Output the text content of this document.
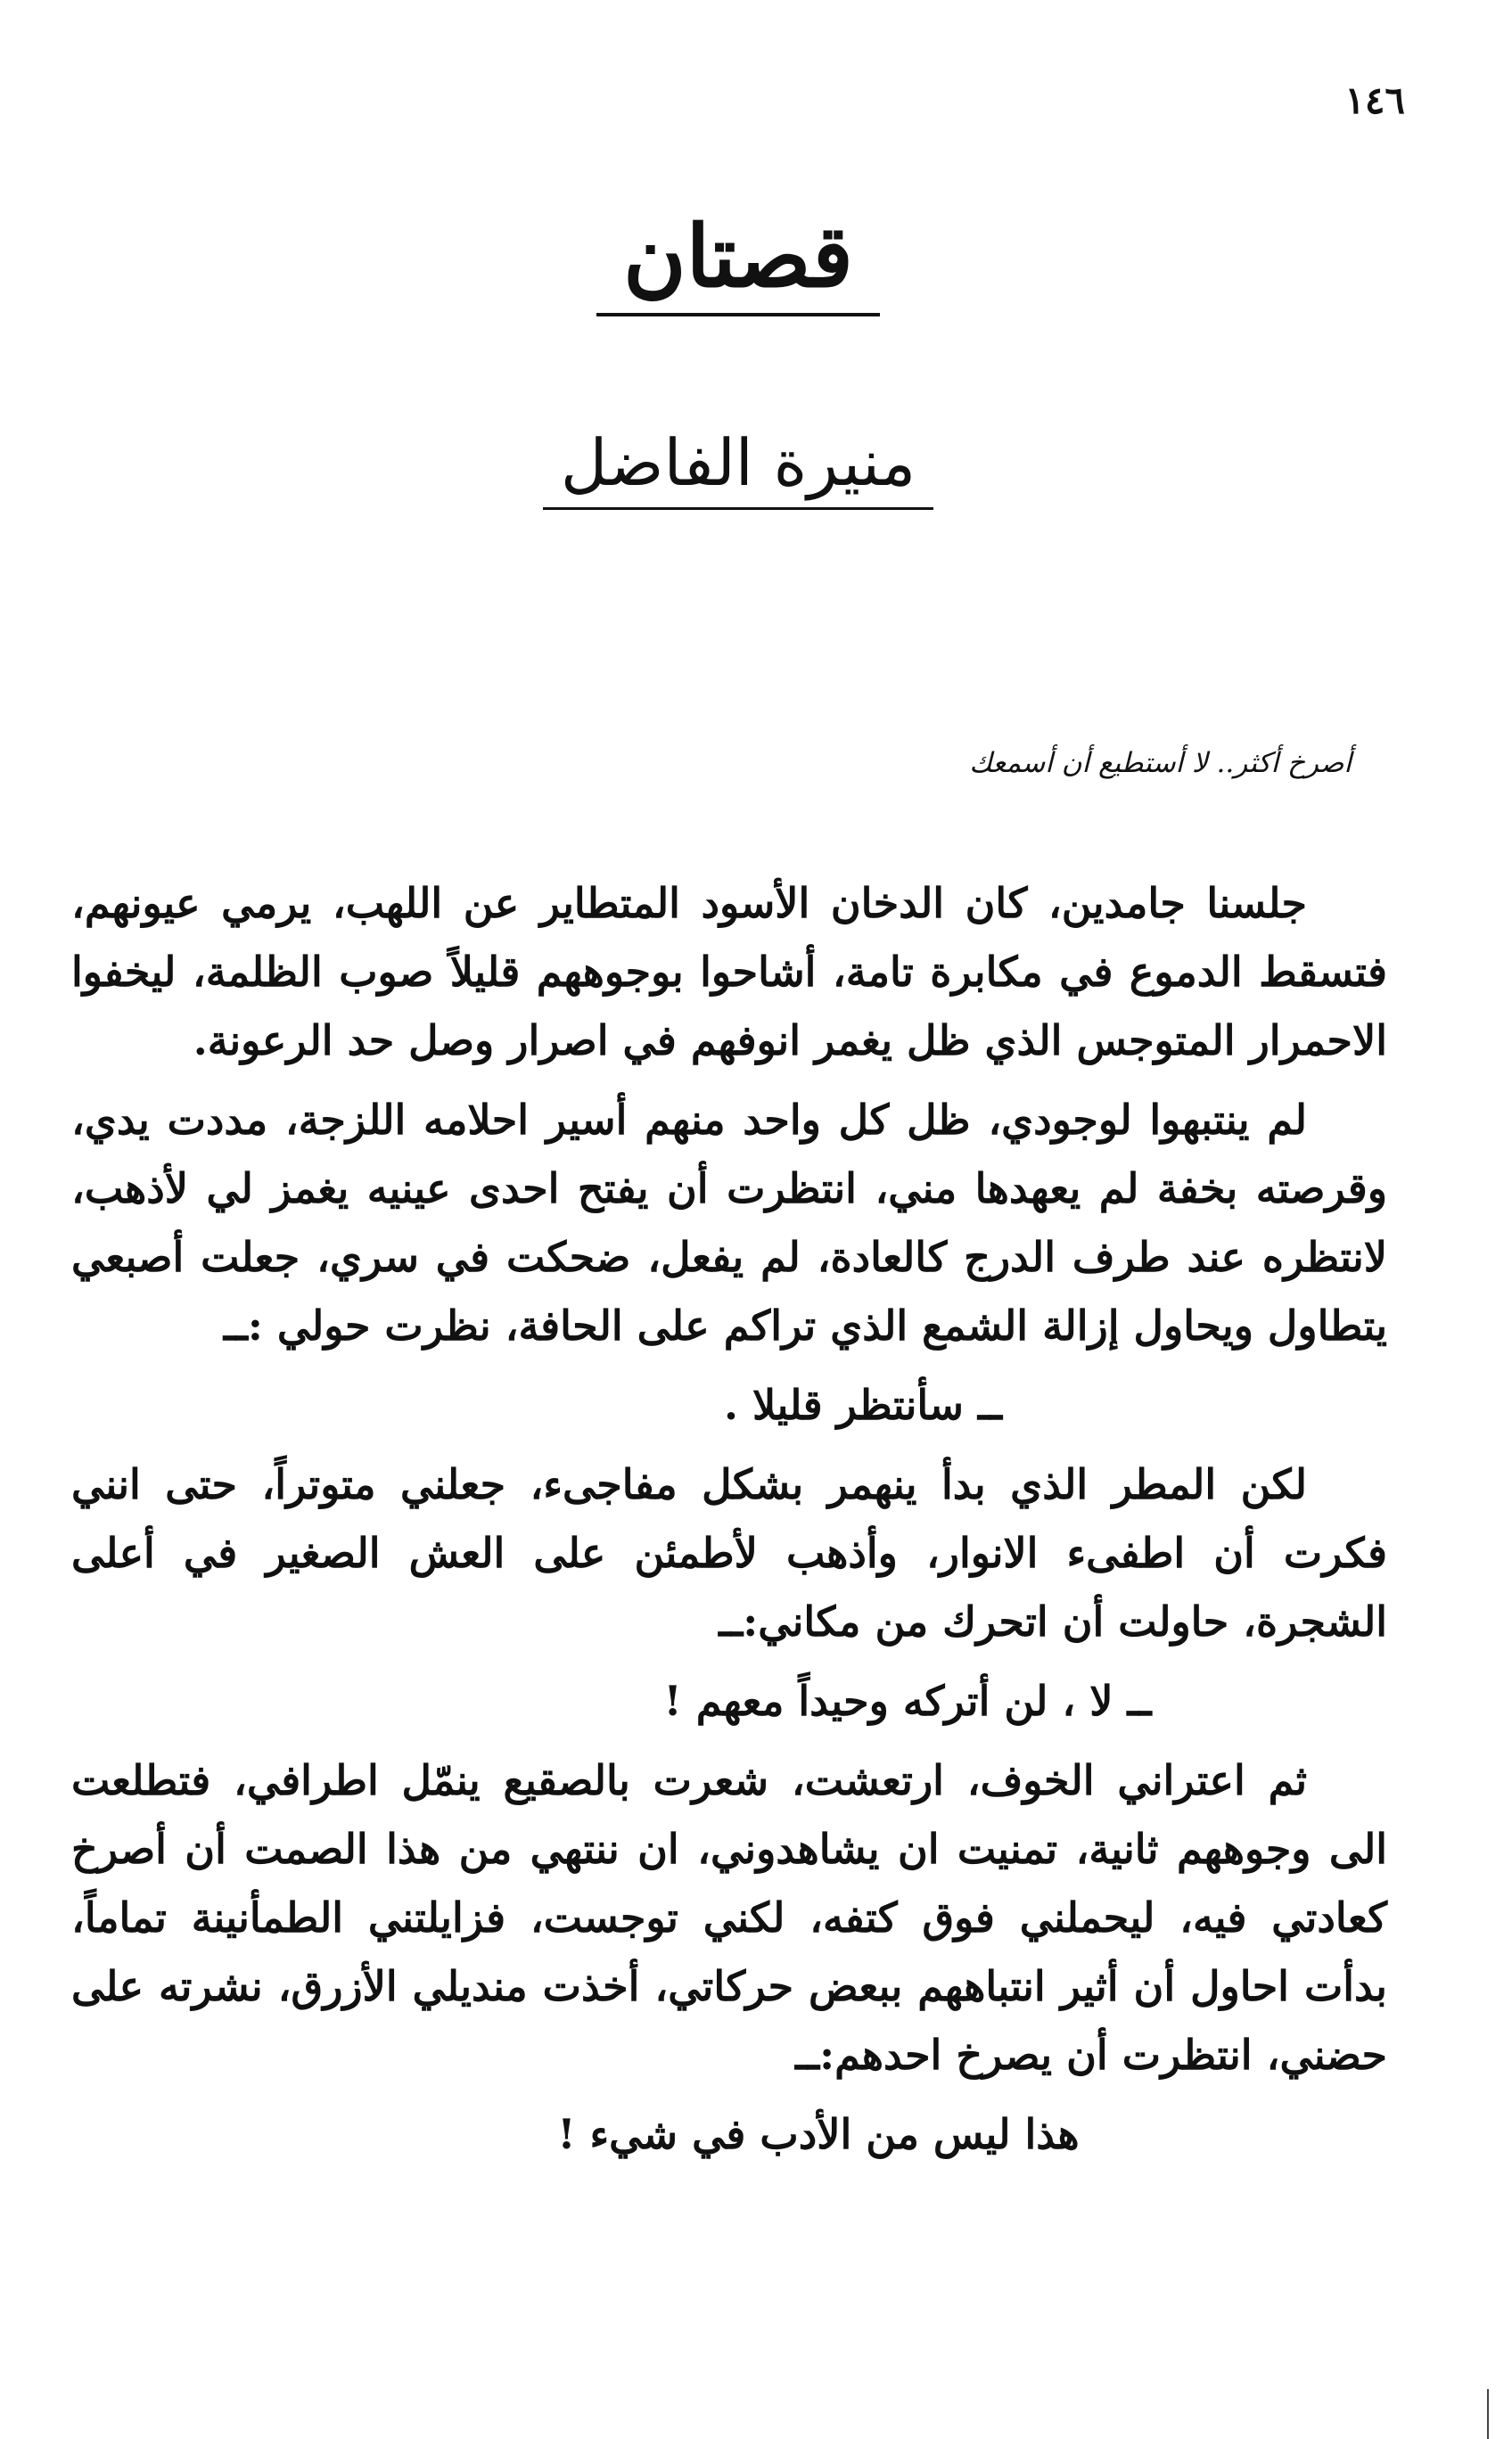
١٤٦
قصتان
منيرة الفاضل
أصرخ أكثر.. لا أستطيع أن أسمعك

جلسنا جامدين، كان الدخان الأسود المتطاير عن اللهب، يرمي عيونهم، فتسقط الدموع في مكابرة تامة، أشاحوا بوجوههم قليلاً صوب الظلمة، ليخفوا الاحمرار المتوجس الذي ظل يغمر انوفهم في اصرار وصل حد الرعونة.

لم ينتبهوا لوجودي، ظل كل واحد منهم أسير احلامه اللزجة، مددت يدي، وقرصته بخفة لم يعهدها مني، انتظرت أن يفتح احدى عينيه يغمز لي لأذهب، لانتظره عند طرف الدرج كالعادة، لم يفعل، ضحكت في سري، جعلت أصبعي يتطاول ويحاول إزالة الشمع الذي تراكم على الحافة، نظرت حولي :ــ

ــ سأنتظر قليلا .

لكن المطر الذي بدأ ينهمر بشكل مفاجىء، جعلني متوتراً، حتى انني فكرت أن اطفىء الانوار، وأذهب لأطمئن على العش الصغير في أعلى الشجرة، حاولت أن اتحرك من مكاني:ــ

ــ لا ، لن أتركه وحيداً معهم !

ثم اعتراني الخوف، ارتعشت، شعرت بالصقيع ينمّل اطرافي، فتطلعت الى وجوههم ثانية، تمنيت ان يشاهدوني، ان ننتهي من هذا الصمت أن أصرخ كعادتي فيه، ليحملني فوق كتفه، لكني توجست، فزايلتني الطمأنينة تماماً، بدأت احاول أن أثير انتباههم ببعض حركاتي، أخذت منديلي الأزرق، نشرته على حضني، انتظرت أن يصرخ احدهم:ــ

هذا ليس من الأدب في شيء !
